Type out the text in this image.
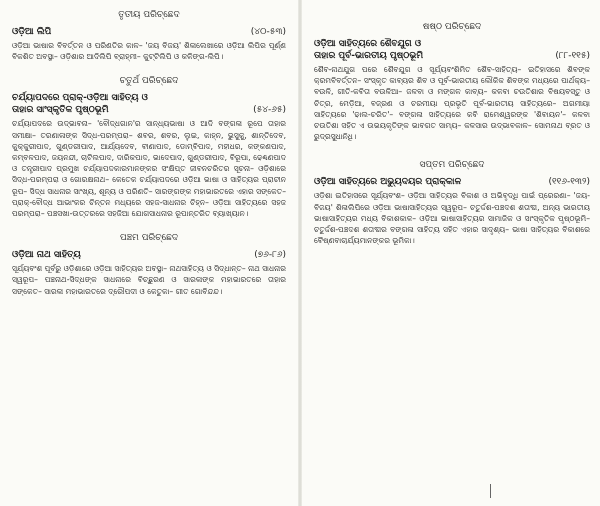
ତୃତୀୟ ପରିଚ୍ଛେଦ
ଓଡ଼ିଆ ଲିପି	(୪୦-୫୩)

ଓଡ଼ିଆ ଭାଷାର ବିବର୍ତ୍ତନ ଓ ପରିଣତିର କାଳ– 'ଜୟ ବିଜୟ' ଶିଳାଲେଖାରେ ଓଡ଼ିଆ ଲିପିର ପୂର୍ଣ୍ଣ ବିକଶିତ ଅବସ୍ଥା– ଓଡ଼ିଶାର ଆଦିଲିପି ବ୍ରାହ୍ମୀ– କୁଟ୍ଟିଲିପି ଓ କଳିଙ୍ଗ-ଲିପି।

ଚତୁର୍ଥ ପରିଚ୍ଛେଦ
ଚର୍ଯ୍ୟାପଦରେ ପ୍ରାକ୍-ଓଡ଼ିଆ ସାହିତ୍ୟ ଓ
ତାହାର ସାଂସ୍କୃତିକ ପୃଷ୍ଠଭୂମି	(୫୪-୬୫)

ଚର୍ଯ୍ୟାପଦରେ ଉଦ୍‌ଭାବନା– 'ବୌଦ୍ଧଗାନ'ର ସାନ୍ଧ୍ୟଭାଷା ଓ ଆଦି ବଙ୍ଗଳା ରୂପେ ତାହାର ସମୀକ୍ଷା– ତରଣାଳାଙ୍କ ସିଦ୍ଧ-ପରମ୍ପରା– ଶବର, ଶବର, ଲୁଇ, କାହ୍ନ, ଭୁସୁକୁ, ଶାନ୍ତିଦେବ, କୁକ୍କୁରୀପାଦ, ଗୁଣ୍ଡରୀପାଦ, ଆର୍ଯ୍ୟଦେବ, ବୀଣାପାଦ, ଡୋମ୍ବିପାଦ, ମହୀଧର, କଙ୍କଣପାଦ, କମ୍ବଳପାଦ, ଜୟନନ୍ଦୀ, ଚାଟିଲପାଦ, ଦାରିକପାଦ, ଭାଦେପାଦ, ଗୁଣ୍ଡରୀପାଦ, ବିରୂପା, ଢେଣ୍ଢଣପାଦ ଓ ତନ୍ତ୍ରୀପାଦ ପ୍ରମୁଖ ଚର୍ଯ୍ୟାପଦକାରମାନଙ୍କର ସଂକ୍ଷିପ୍ତ ଜୀବନଚରିତର ସୂଚନା– ଓଡ଼ିଶାରେ ସିଦ୍ଧ-ପରମ୍ପରା ଓ ଗୋରକ୍ଷନାଥ– କେତେକ ଚର୍ଯ୍ୟାପଦରେ ଓଡ଼ିଆ ଭାଷା ଓ ସାହିତ୍ୟର ପ୍ରାଚୀନ ରୂପ– ସିଦ୍ଧ ସାଧନାର ସାଂଖ୍ୟ, ଶୂନ୍ୟ ଓ ପରିଣତି– ସାରଙ୍ଗଙ୍କ ମହାଭାରତରେ ଏହାର ସଙ୍କେତ– ପ୍ରାକ୍-ବୌଦ୍ଧ ଆଭାଂକର ଚିନ୍ତନ ମଧ୍ୟରେ ସହଜ-ସାଧନାର ଚିହ୍ନ– ଓଡ଼ିଆ ସାହିତ୍ୟରେ ସହଜ ପରମ୍ପରା– ପଞ୍ଚସଖା-ଉତ୍ତରରେ ସହଜିଆ ଯୋଗସାଧନାର ରୂପାନ୍ତରିତ ବ୍ୟାଖ୍ୟାନ।

ପଞ୍ଚମ ପରିଚ୍ଛେଦ
ଓଡ଼ିଆ ନାଥ ସାହିତ୍ୟ	(୭୬-୮୬)

ସୂର୍ଯ୍ୟବଂଶ ପୂର୍ବରୁ ଓଡ଼ିଶାରେ ଓଡ଼ିଆ ସାହିତ୍ୟର ଅବସ୍ଥା– ନାଥସାହିତ୍ୟ ଓ ସିଦ୍ଧାନ୍ତ– ନାଥ ସାଧନାର ସ୍ୱରୂପ– ପଞ୍ଚନାଥ-ସିଦ୍ଧଙ୍କ ସାଧନାରେ ବିଚ୍ଛୁରଣ ଓ ସାରଳାଙ୍କ ମହାଭାରତରେ ତାହାର ସଙ୍କେତ– ସାରଳା ମହାଭାରତରେ ଦ୍ରୌପଦୀ ଓ କେତୁକା– ଗୀତ ଗୋବିନ୍ଦନ୍ଦ।

ଷଷ୍ଠ ପରିଚ୍ଛେଦ
ଓଡ଼ିଆ ସାହିତ୍ୟରେ ଶୈବଯୁଗ ଓ
ତାହାର ପୂର୍ବ-ଭାରତୀୟ ପୃଷ୍ଠଭୂମି	(୮୮-୧୧୫)

ଶୈବ-ନାଥଯୁଗ ପରେ ଶୈବଯୁଗ ଓ ସୂର୍ଯ୍ୟବଂଶିମିତ ଶୈବ-ସାହିତ୍ୟ– ଇତିହାସରେ ଶିବଙ୍କ କ୍ରମବିବର୍ତ୍ତନ– ସଂସ୍କୃତ କାବ୍ୟର ଶିବ ଓ ପୂର୍ବ-ଭାରତୀୟ ଲୌକିକ ଶିବଙ୍କ ମଧ୍ୟରେ ପାର୍ଥକ୍ୟ– ବଉଳି, ଗୀତି-କବିତା ବଉଳିଆ– ଜଳବା ଓ ମଙ୍ଗଳ କାବ୍ୟ– କଳବା ଚଉତିଶାର ବିଷୟବସ୍ତୁ ଓ ଚିତ୍ର, ମେଡ଼ିଆ, ବଜ୍ରଣ ଓ ଚରମୀୟା ପ୍ରଭୃତି ପୂର୍ବ-ଭାରତୀୟ ସାହିତ୍ୟରେ– ଅଗମୀୟା ସାହିତ୍ୟରେ 'ଢାଲ-ଚରିତ'– ବଙ୍ଗଳା ସାହିତ୍ୟରେ କବି ରାମେଶ୍ୱରଙ୍କ 'ଶିବାୟନ'– କଳବା ଚଉତିଶା ସହିତ ଏ ଉଭୟକୃତିଙ୍କ ଭାବଗତ ସାମ୍ୟ– କଳସାର ଉଦ୍ଭାବକାଳ– ସୋମନାଥ ବ୍ରତ ଓ ରୁଦ୍ରସୁଧାନିଧି।

ସପ୍ତମ ପରିଚ୍ଛେଦ
ଓଡ଼ିଆ ସାହିତ୍ୟରେ ଅଭ୍ୟୁଦୟର ପ୍ରାକ୍‌କାଳ	(୧୧୬-୧୩୨)

ଓଡ଼ିଶା ଇତିହାସରେ ସୂର୍ଯ୍ୟବଂଶ– ଓଡ଼ିଆ ସାହିତ୍ୟର ବିକାଶ ଓ ଅଭିବୃଦ୍ଧି ପାଇଁ ପ୍ରେରଣା– 'ଜୟ-ବିଜୟ' ଶିଳାଲିପିରେ ଓଡ଼ିଆ ଭାଷାସାହିତ୍ୟର ସ୍ୱରୂପ– ଚତୁର୍ଦ୍ଦଶ-ପଞ୍ଚଦଶ ଶତାବ୍ଦୀ, ଅନ୍ୟ ଭାରତୀୟ ଭାଷାସାହିତ୍ୟର ମଧ୍ୟ ବିକାଶକାଳ– ଓଡ଼ିଆ ଭାଷାସାହିତ୍ୟର ସାମାଜିକ ଓ ସାଂସ୍କୃତିକ ପୃଷ୍ଠଭୂମି– ଚତୁର୍ଦ୍ଦଶ-ପଞ୍ଚଦଶ ଶତାବ୍ଦୀର ବଙ୍ଗଳା ସାହିତ୍ୟ ସହିତ ଏହାର ସାଦୃଶ୍ୟ– ଭାଷା ସାହିତ୍ୟର ବିକାଶରେ ବୈଷ୍ଣବାଚାର୍ଯ୍ୟମାନଙ୍କର ଭୂମିକା।
